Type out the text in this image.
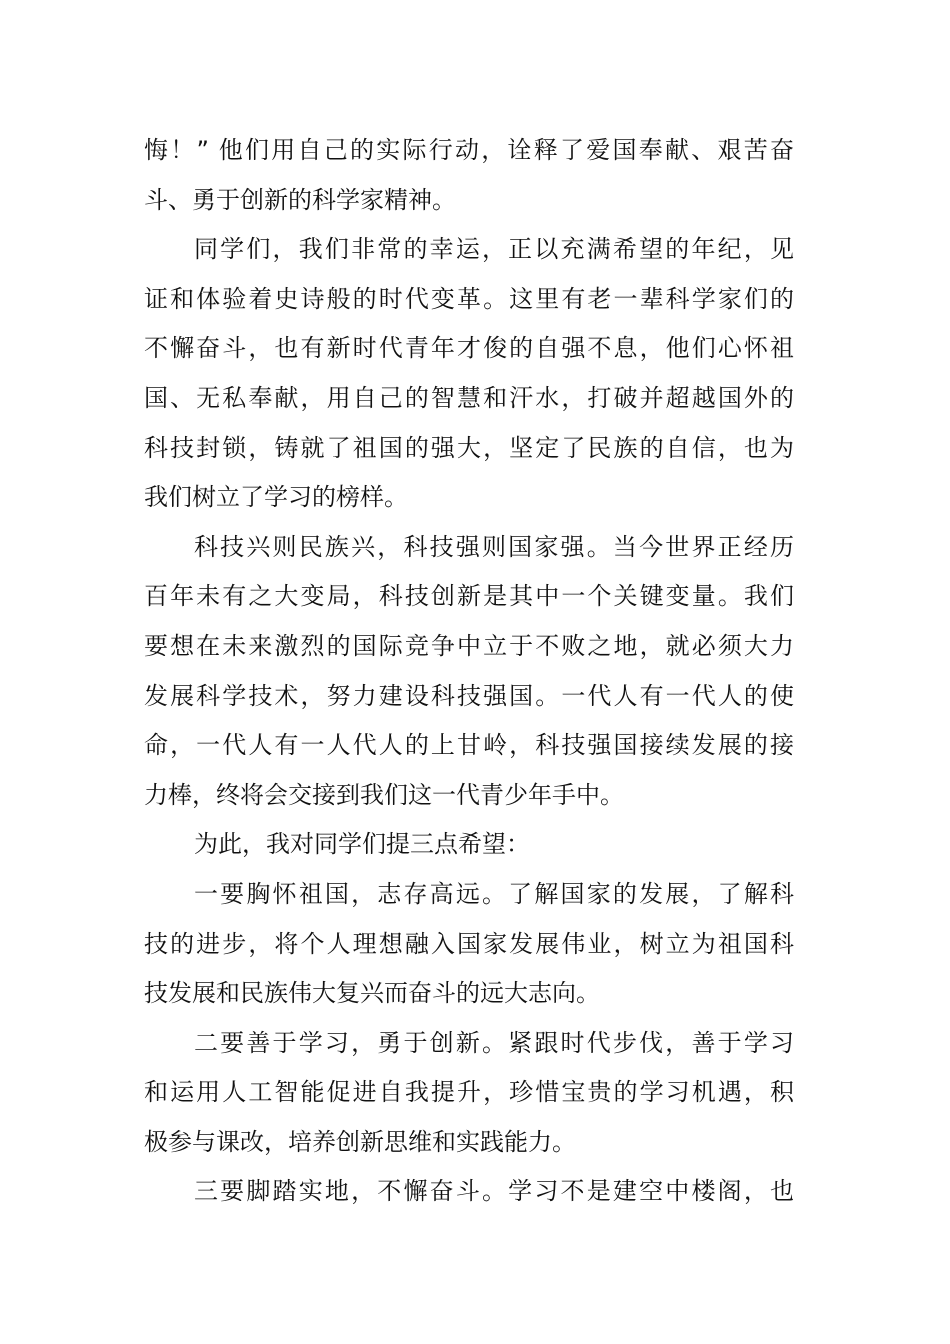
悔！” 他们用自己的实际行动，诠释了爱国奉献、艰苦奋
斗、勇于创新的科学家精神。
同学们，我们非常的幸运，正以充满希望的年纪，见
证和体验着史诗般的时代变革。这里有老一辈科学家们的
不懈奋斗，也有新时代青年才俊的自强不息，他们心怀祖
国、无私奉献，用自己的智慧和汗水，打破并超越国外的
科技封锁，铸就了祖国的强大，坚定了民族的自信，也为
我们树立了学习的榜样。
科技兴则民族兴，科技强则国家强。当今世界正经历
百年未有之大变局，科技创新是其中一个关键变量。我们
要想在未来激烈的国际竞争中立于不败之地，就必须大力
发展科学技术，努力建设科技强国。一代人有一代人的使
命，一代人有一人代人的上甘岭，科技强国接续发展的接
力棒，终将会交接到我们这一代青少年手中。
为此，我对同学们提三点希望：
一要胸怀祖国，志存高远。了解国家的发展，了解科
技的进步，将个人理想融入国家发展伟业，树立为祖国科
技发展和民族伟大复兴而奋斗的远大志向。
二要善于学习，勇于创新。紧跟时代步伐，善于学习
和运用人工智能促进自我提升，珍惜宝贵的学习机遇，积
极参与课改，培养创新思维和实践能力。
三要脚踏实地，不懈奋斗。学习不是建空中楼阁，也
